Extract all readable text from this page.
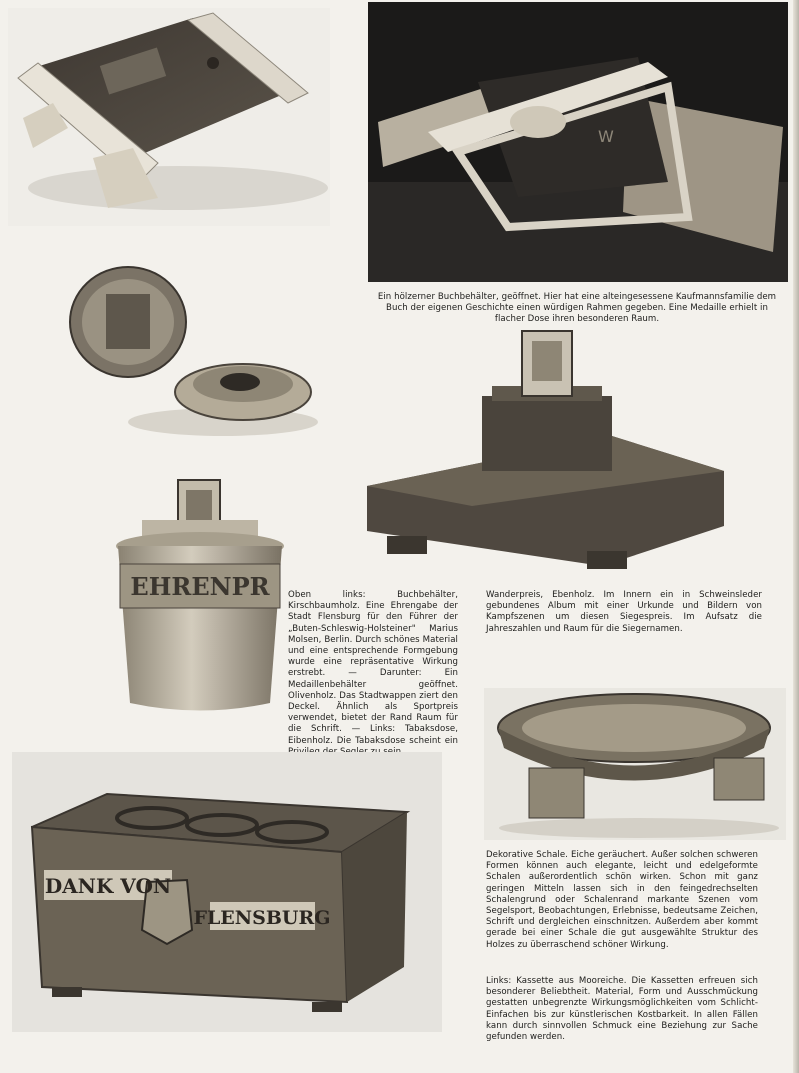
W
Ein hölzerner Buchbehälter, geöffnet. Hier hat eine alteingesessene Kaufmannsfamilie dem Buch der eigenen Geschichte einen würdigen Rahmen gegeben. Eine Medaille erhielt in flacher Dose ihren besonderen Raum.
EHRENPR Oben links: Buchbehälter, Kirschbaumholz. Eine Ehrengabe der Stadt Flensburg für den Führer der „Buten-Schleswig-Holsteiner" Marius Molsen, Berlin. Durch schönes Material und eine entsprechende Formgebung wurde eine repräsentative Wirkung erstrebt. — Darunter: Ein Medaillenbehälter geöffnet. Olivenholz. Das Stadtwappen ziert den Deckel. Ähnlich als Sportpreis verwendet, bietet der Rand Raum für die Schrift. — Links: Tabaksdose, Eibenholz. Die Tabaksdose scheint ein
Wanderpreis, Ebenholz. Im Innern ein in Schweinsleder gebundenes Album mit einer Urkunde und Bildern von Kampfszenen um diesen Siegespreis. Im Aufsatz die Jahreszahlen und Raum für die Siegernamen.
Dekorative Schale. Eiche geräuchert. Außer solchen schweren Formen können auch elegante, leicht und edelgeformte Schalen außerordentlich schön wirken. Schon mit ganz geringen Mitteln lassen sich in den feingedrechselten Schalengrund oder Schalenrand markante Szenen vom Segelsport, Beobachtungen, Erlebnisse, bedeutsame Zeichen, Schrift und dergleichen einschnitzen. Außerdem aber kommt gerade bei einer Schale die gut ausgewählte Struktur des Holzes zu überraschend schöner Wirkung.
DANK VON
FLENSBURG
Links: Kassette aus Mooreiche. Die Kassetten erfreuen sich besonderer Beliebtheit. Material, Form und Ausschmückung gestatten unbegrenzte Wirkungsmöglichkeiten vom Schlicht-Einfachen bis zur künstlerischen Kostbarkeit. In allen Fällen kann durch sinnvollen Schmuck eine Beziehung zur Sache gefunden werden.
